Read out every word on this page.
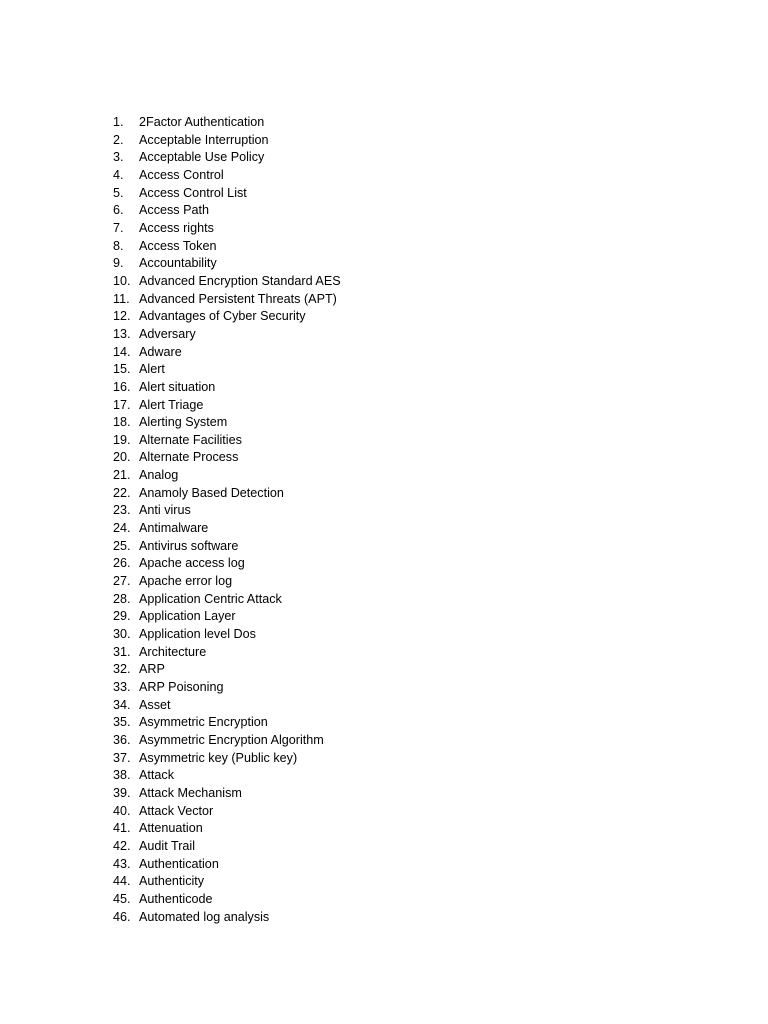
1.	2Factor Authentication
2.	Acceptable Interruption
3.	Acceptable Use Policy
4.	Access Control
5.	Access Control List
6.	Access Path
7.	Access rights
8.	Access Token
9.	Accountability
10. Advanced Encryption Standard AES
11. Advanced Persistent Threats (APT)
12. Advantages of Cyber Security
13. Adversary
14. Adware
15. Alert
16. Alert situation
17. Alert Triage
18. Alerting System
19. Alternate Facilities
20. Alternate Process
21. Analog
22. Anamoly Based Detection
23. Anti virus
24. Antimalware
25. Antivirus software
26. Apache access log
27. Apache error log
28. Application Centric Attack
29. Application Layer
30. Application level Dos
31. Architecture
32. ARP
33. ARP Poisoning
34. Asset
35. Asymmetric Encryption
36. Asymmetric Encryption Algorithm
37. Asymmetric key (Public key)
38. Attack
39. Attack Mechanism
40. Attack Vector
41. Attenuation
42. Audit Trail
43. Authentication
44. Authenticity
45. Authenticode
46. Automated log analysis
